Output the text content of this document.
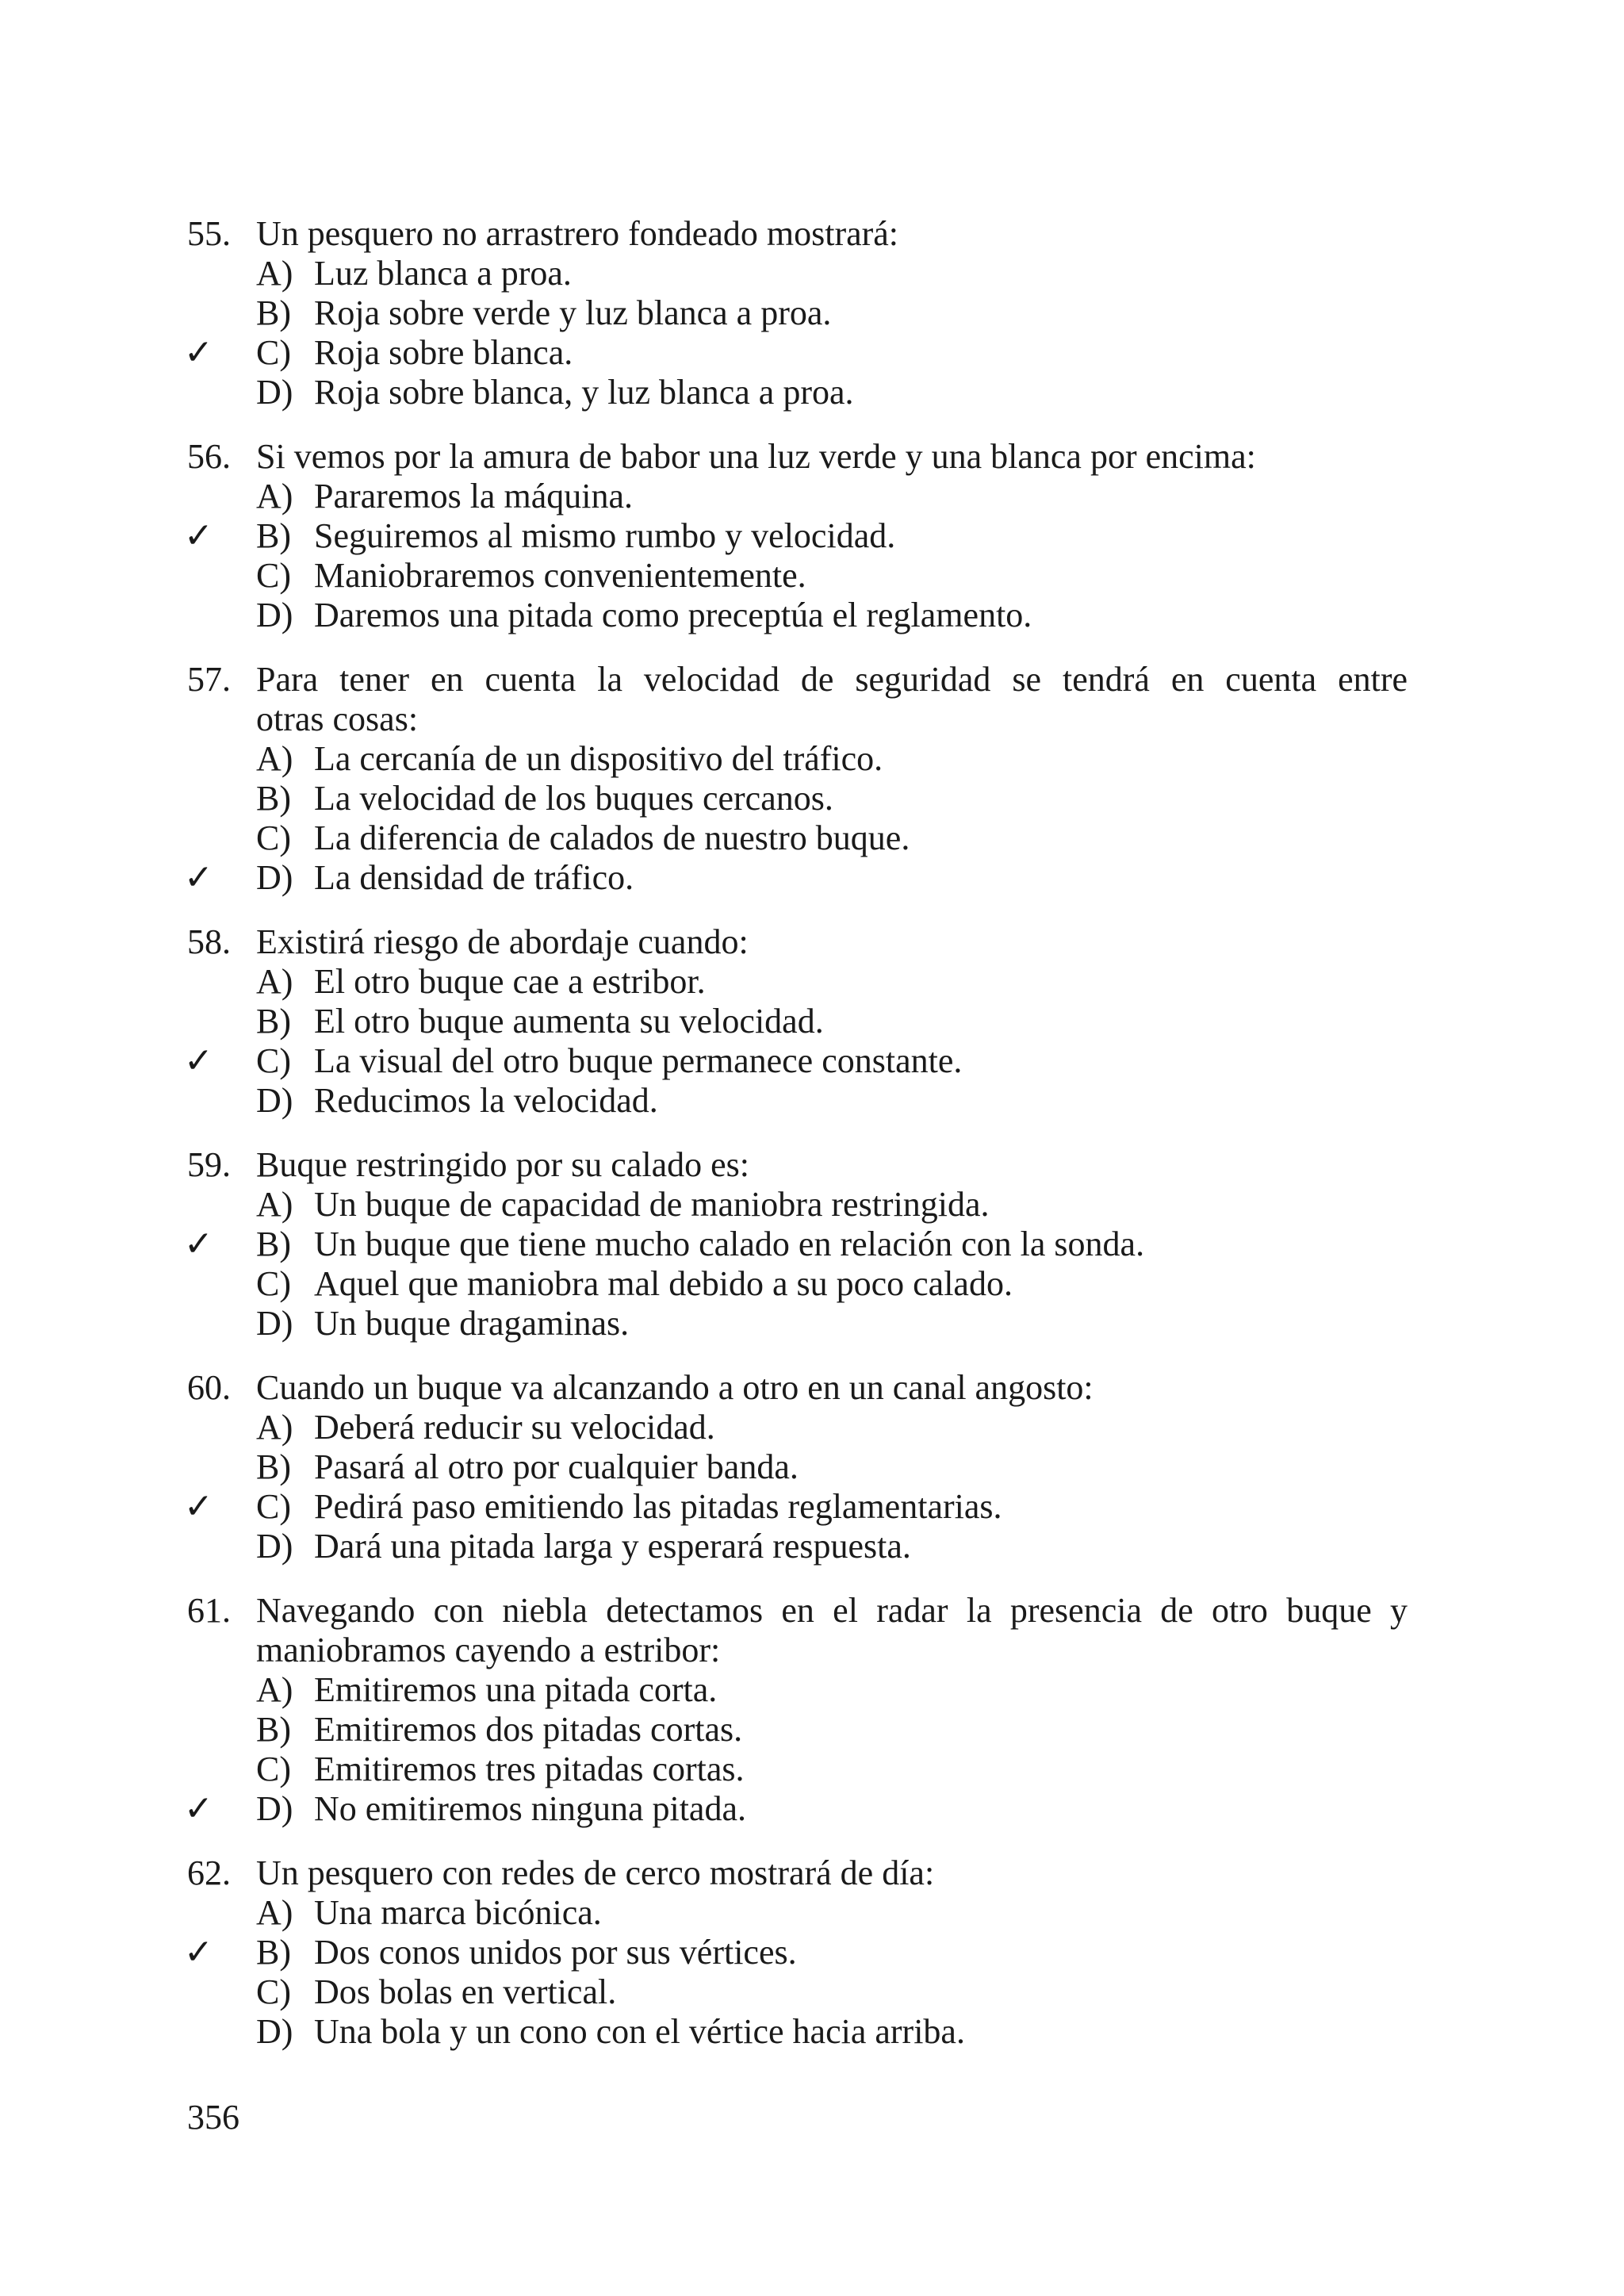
55. Un pesquero no arrastrero fondeado mostrará:
A) Luz blanca a proa.
B) Roja sobre verde y luz blanca a proa.
✓ C) Roja sobre blanca.
D) Roja sobre blanca, y luz blanca a proa.
56. Si vemos por la amura de babor una luz verde y una blanca por encima:
A) Pararemos la máquina.
✓ B) Seguiremos al mismo rumbo y velocidad.
C) Maniobraremos convenientemente.
D) Daremos una pitada como preceptúa el reglamento.
57. Para tener en cuenta la velocidad de seguridad se tendrá en cuenta entre
otras cosas:
A) La cercanía de un dispositivo del tráfico.
B) La velocidad de los buques cercanos.
C) La diferencia de calados de nuestro buque.
✓ D) La densidad de tráfico.
58. Existirá riesgo de abordaje cuando:
A) El otro buque cae a estribor.
B) El otro buque aumenta su velocidad.
✓ C) La visual del otro buque permanece constante.
D) Reducimos la velocidad.
59. Buque restringido por su calado es:
A) Un buque de capacidad de maniobra restringida.
✓ B) Un buque que tiene mucho calado en relación con la sonda.
C) Aquel que maniobra mal debido a su poco calado.
D) Un buque dragaminas.
60. Cuando un buque va alcanzando a otro en un canal angosto:
A) Deberá reducir su velocidad.
B) Pasará al otro por cualquier banda.
✓ C) Pedirá paso emitiendo las pitadas reglamentarias.
D) Dará una pitada larga y esperará respuesta.
61. Navegando con niebla detectamos en el radar la presencia de otro buque y
maniobramos cayendo a estribor:
A) Emitiremos una pitada corta.
B) Emitiremos dos pitadas cortas.
C) Emitiremos tres pitadas cortas.
✓ D) No emitiremos ninguna pitada.
62. Un pesquero con redes de cerco mostrará de día:
A) Una marca bicónica.
✓ B) Dos conos unidos por sus vértices.
C) Dos bolas en vertical.
D) Una bola y un cono con el vértice hacia arriba.
356
